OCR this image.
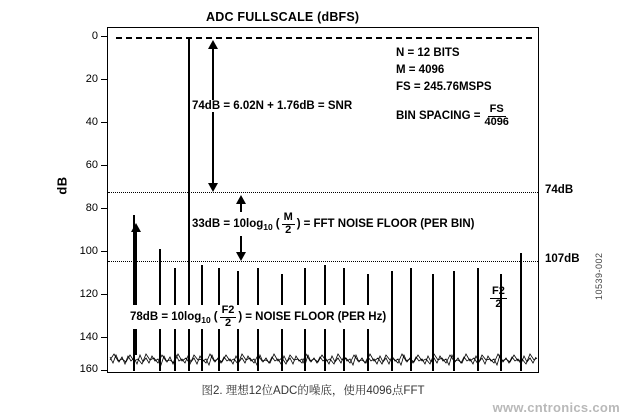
dB
0
20
40
60
80
100
120
140
160
$\frac{F2}{2}$
ADC FULLSCALE (dBFS)
N = 12 BITS
M = 4096
FS = 245.76MSPS
BIN SPACING = $\frac{FS}{4096}$
74dB = 6.02N + 1.76dB = SNR
33dB = 10log 10 ( $\frac{M}{2}$ ) = FFT NOISE FLOOR (PER BIN)
78dB = 10log 10 ( $\frac{F2}{2}$ ) = NOISE FLOOR (PER Hz)
74dB
107dB
图2. 理想12位ADC的噪底，使用4096点FFT
10539-002
www.cntronics.com
